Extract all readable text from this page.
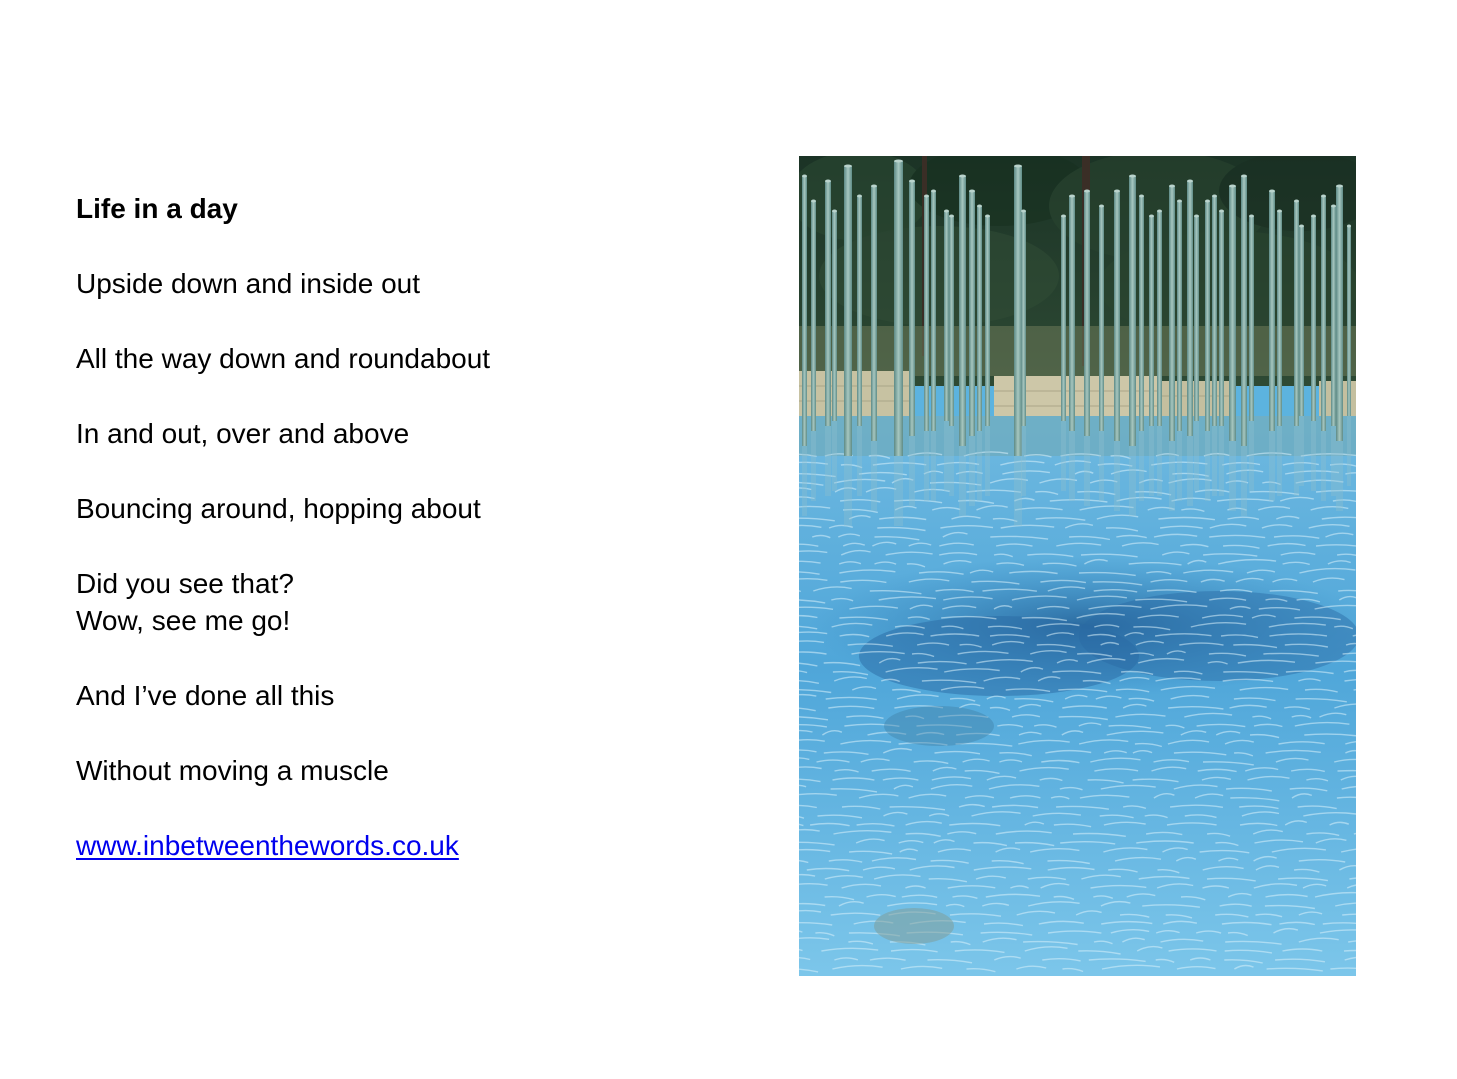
Life in a day
Upside down and inside out
All the way down and roundabout
In and out, over and above
Bouncing around, hopping about
Did you see that?
Wow, see me go!
And I’ve done all this
Without moving a muscle
www.inbetweenthewords.co.uk
